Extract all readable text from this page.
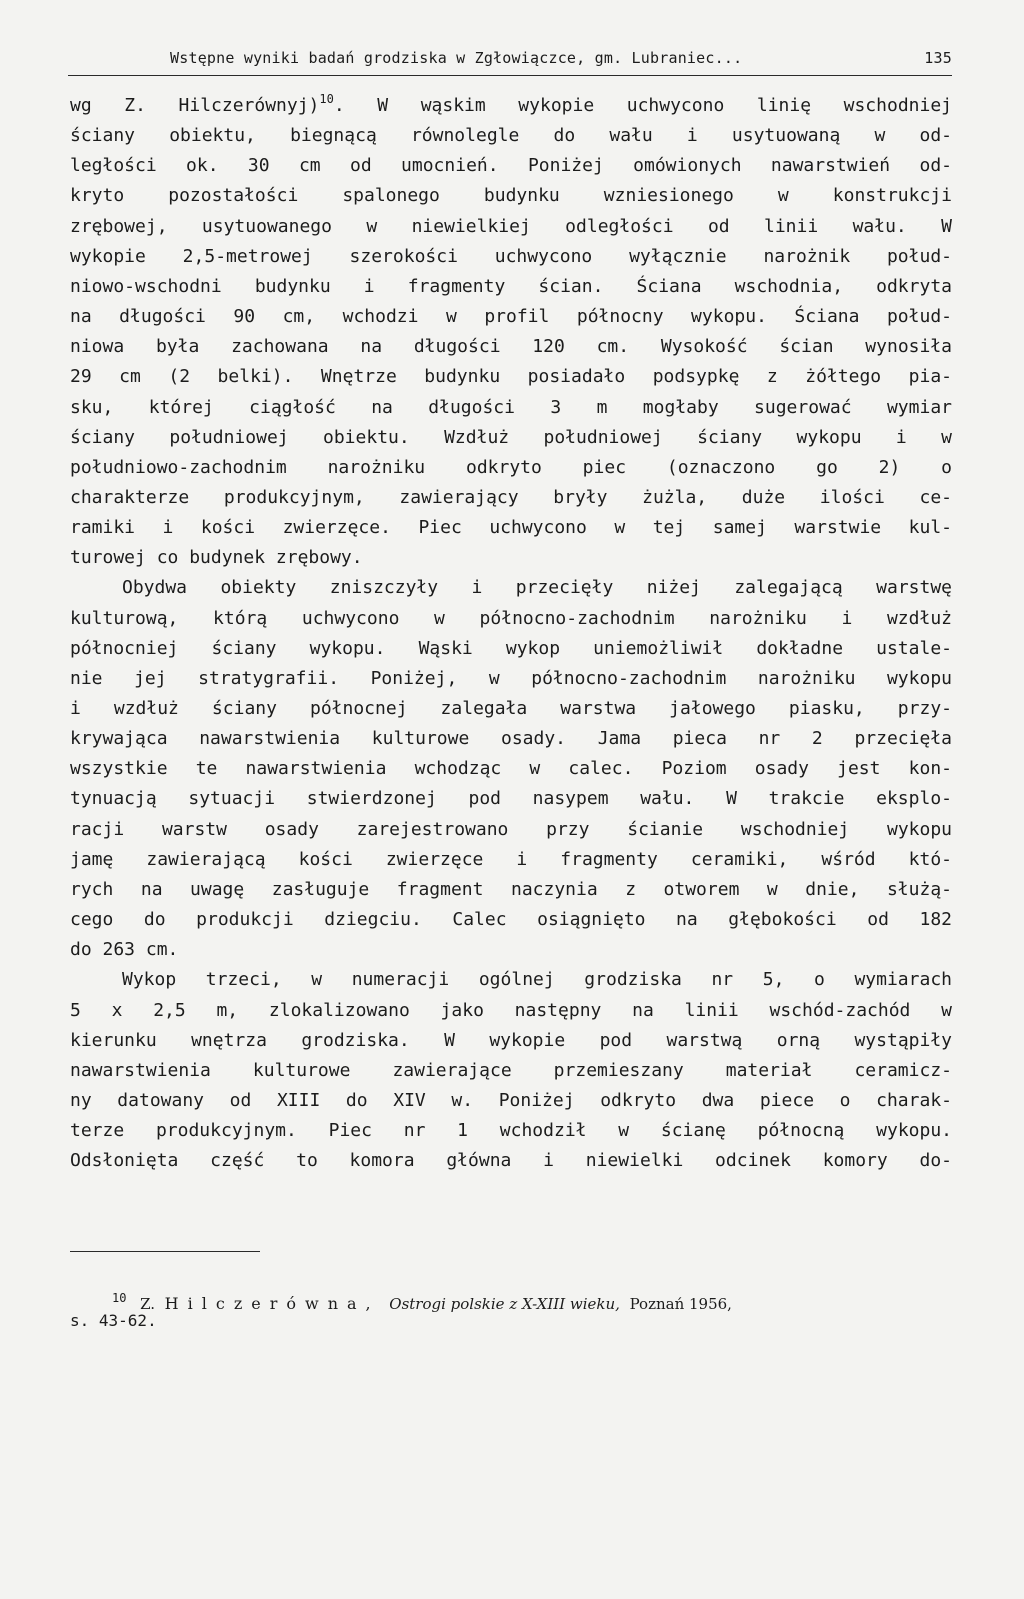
Wstępne wyniki badań grodziska w Zgłowiączce, gm. Lubraniec...	135
wg Z. Hilczerównyj)$^{10}$. W wąskim wykopie uchwycono linię wschodniej
ściany obiektu, biegnącą równolegle do wału i usytuowaną w od-
ległości ok. 30 cm od umocnień. Poniżej omówionych nawarstwień od-
kryto pozostałości spalonego budynku wzniesionego w konstrukcji
zrębowej, usytuowanego w niewielkiej odległości od linii wału. W
wykopie 2,5-metrowej szerokości uchwycono wyłącznie narożnik połud-
niowo-wschodni budynku i fragmenty ścian. Ściana wschodnia, odkryta
na długości 90 cm, wchodzi w profil północny wykopu. Ściana połud-
niowa była zachowana na długości 120 cm. Wysokość ścian wynosiła
29 cm (2 belki). Wnętrze budynku posiadało podsypkę z żółtego pia-
sku, której ciągłość na długości 3 m mogłaby sugerować wymiar
ściany południowej obiektu. Wzdłuż południowej ściany wykopu i w
południowo-zachodnim narożniku odkryto piec (oznaczono go 2) o
charakterze produkcyjnym, zawierający bryły żużla, duże ilości ce-
ramiki i kości zwierzęce. Piec uchwycono w tej samej warstwie kul-
turowej co budynek zrębowy.
Obydwa obiekty zniszczyły i przecięły niżej zalegającą warstwę
kulturową, którą uchwycono w północno-zachodnim narożniku i wzdłuż
północniej ściany wykopu. Wąski wykop uniemożliwił dokładne ustale-
nie jej stratygrafii. Poniżej, w północno-zachodnim narożniku wykopu
i wzdłuż ściany północnej zalegała warstwa jałowego piasku, przy-
krywająca nawarstwienia kulturowe osady. Jama pieca nr 2 przecięła
wszystkie te nawarstwienia wchodząc w calec. Poziom osady jest kon-
tynuacją sytuacji stwierdzonej pod nasypem wału. W trakcie eksplo-
racji warstw osady zarejestrowano przy ścianie wschodniej wykopu
jamę zawierającą kości zwierzęce i fragmenty ceramiki, wśród któ-
rych na uwagę zasługuje fragment naczynia z otworem w dnie, służą-
cego do produkcji dziegciu. Calec osiągnięto na głębokości od 182
do 263 cm.
Wykop trzeci, w numeracji ogólnej grodziska nr 5, o wymiarach
5 x 2,5 m, zlokalizowano jako następny na linii wschód-zachód w
kierunku wnętrza grodziska. W wykopie pod warstwą orną wystąpiły
nawarstwienia kulturowe zawierające przemieszany materiał ceramicz-
ny datowany od XIII do XIV w. Poniżej odkryto dwa piece o charak-
terze produkcyjnym. Piec nr 1 wchodził w ścianę północną wykopu.
Odsłonięta część to komora główna i niewielki odcinek komory do-
$^{10}$ Z. Hilczerówna, Ostrogi polskie z X-XIII wieku, Poznań 1956,
s. 43-62.
